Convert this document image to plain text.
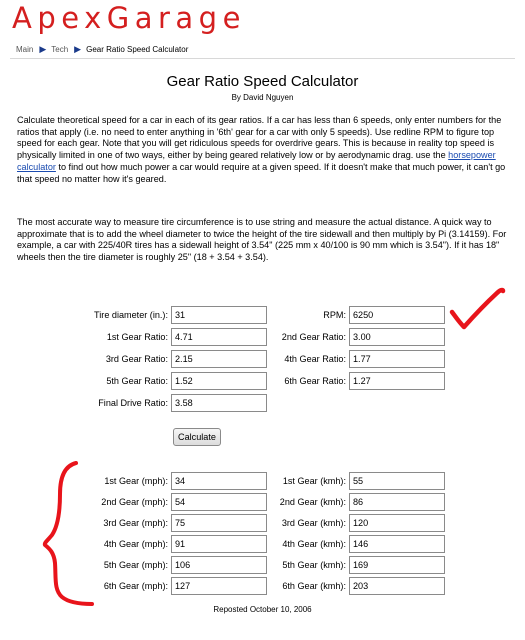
ApexGarage
Main ▶ Tech ▶ Gear Ratio Speed Calculator
Gear Ratio Speed Calculator
By David Nguyen
Calculate theoretical speed for a car in each of its gear ratios. If a car has less than 6 speeds, only enter numbers for the ratios that apply (i.e. no need to enter anything in '6th' gear for a car with only 5 speeds). Use redline RPM to figure top speed for each gear. Note that you will get ridiculous speeds for overdrive gears. This is because in reality top speed is physically limited in one of two ways, either by being geared relatively low or by aerodynamic drag. use the horsepower calculator to find out how much power a car would require at a given speed. If it doesn't make that much power, it can't go that speed no matter how it's geared.
The most accurate way to measure tire circumference is to use string and measure the actual distance. A quick way to approximate that is to add the wheel diameter to twice the height of the tire sidewall and then multiply by Pi (3.14159). For example, a car with 225/40R tires has a sidewall height of 3.54" (225 mm x 40/100 is 90 mm which is 3.54"). If it has 18" wheels then the tire diameter is roughly 25" (18 + 3.54 + 3.54).
Tire diameter (in.):
31	RPM:
6250
1st Gear Ratio:
4.71	2nd Gear Ratio:
3.00
3rd Gear Ratio:
2.15	4th Gear Ratio:
1.77
5th Gear Ratio:
1.52	6th Gear Ratio:
1.27
Final Drive Ratio:
3.58
Calculate
1st Gear (mph):
34	1st Gear (kmh):
55
2nd Gear (mph):
54	2nd Gear (kmh):
86
3rd Gear (mph):
75	3rd Gear (kmh):
120
4th Gear (mph):
91	4th Gear (kmh):
146
5th Gear (mph):
106	5th Gear (kmh):
169
6th Gear (mph):
127	6th Gear (kmh):
203
Reposted October 10, 2006
